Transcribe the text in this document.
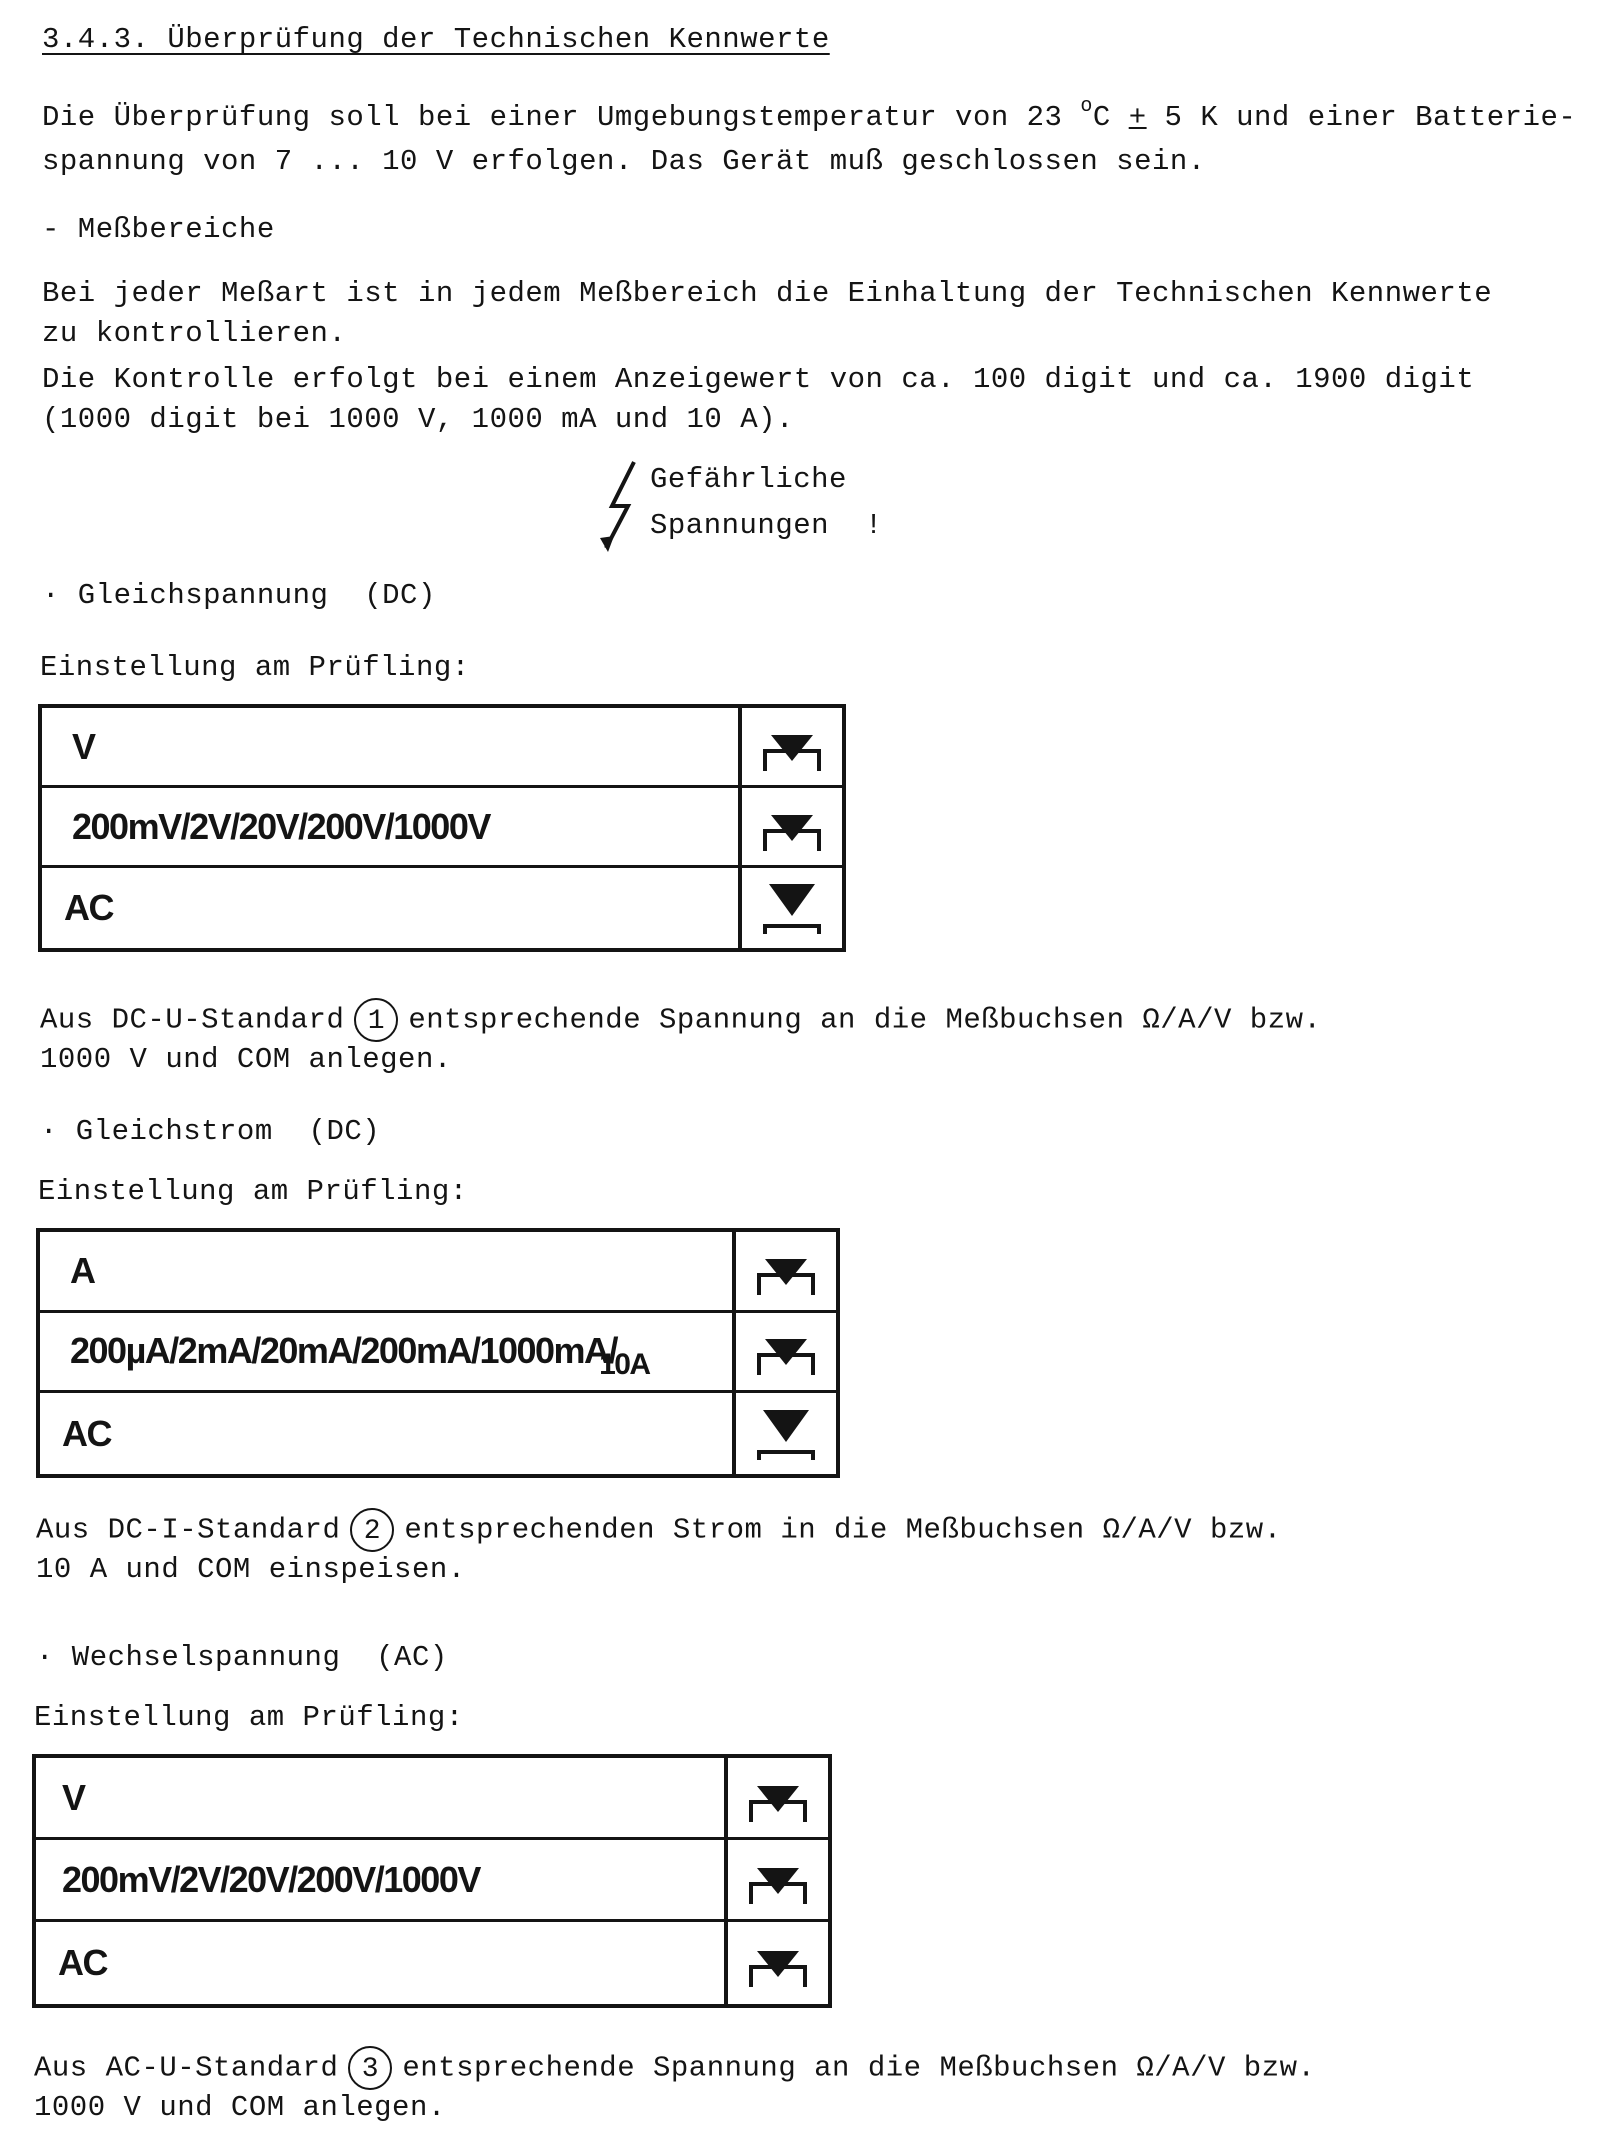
3.4.3. Überprüfung der Technischen Kennwerte
Die Überprüfung soll bei einer Umgebungstemperatur von 23 $^o$C + 5 K und einer Batterie-
spannung von 7 ... 10 V erfolgen. Das Gerät muß geschlossen sein.
- Meßbereiche
Bei jeder Meßart ist in jedem Meßbereich die Einhaltung der Technischen Kennwerte
zu kontrollieren.
Die Kontrolle erfolgt bei einem Anzeigewert von ca. 100 digit und ca. 1900 digit
(1000 digit bei 1000 V, 1000 mA und 10 A).
Gefährliche
Spannungen  !
· Gleichspannung  (DC)
Einstellung am Prüfling:
V
200mV/2V/20V/200V/1000V
AC
Aus DC-U-Standard 1 entsprechende Spannung an die Meßbuchsen Ω/A/V bzw.
1000 V und COM anlegen.
· Gleichstrom  (DC)
Einstellung am Prüfling:
A
200µA/2mA/20mA/200mA/1000mA/
10A
AC
Aus DC-I-Standard 2 entsprechenden Strom in die Meßbuchsen Ω/A/V bzw.
10 A und COM einspeisen.
· Wechselspannung  (AC)
Einstellung am Prüfling:
V
200mV/2V/20V/200V/1000V
AC
Aus AC-U-Standard 3 entsprechende Spannung an die Meßbuchsen Ω/A/V bzw.
1000 V und COM anlegen.
